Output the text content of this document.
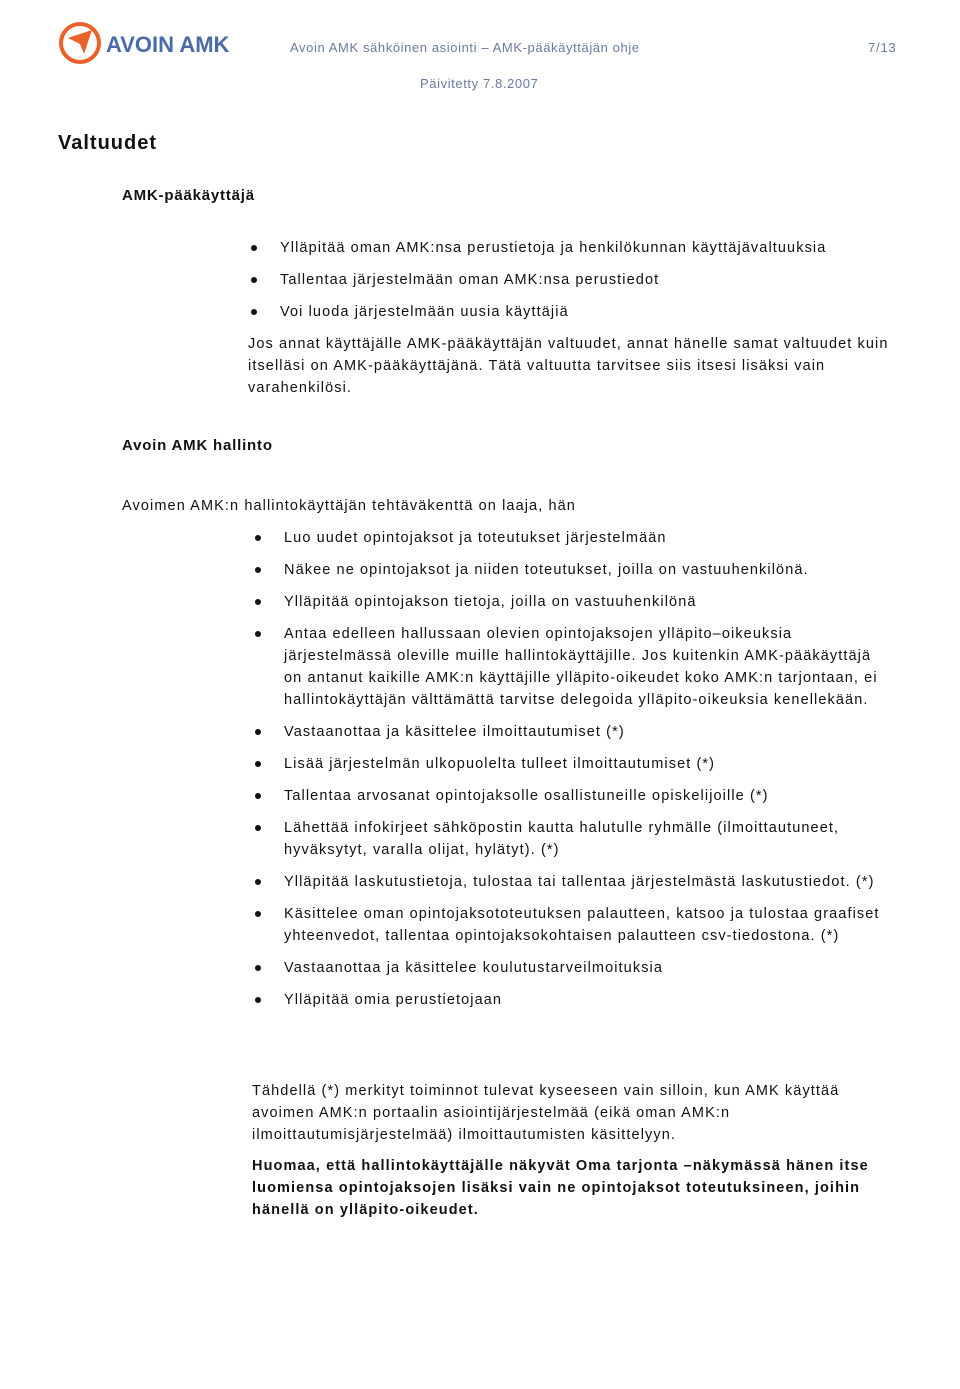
AVOIN AMK	Avoin AMK sähköinen asiointi – AMK-pääkäyttäjän ohje	7/13
Päivitetty 7.8.2007
Valtuudet
AMK-pääkäyttäjä
Ylläpitää oman AMK:nsa perustietoja ja henkilökunnan käyttäjävaltuuksia
Tallentaa järjestelmään oman AMK:nsa perustiedot
Voi luoda järjestelmään uusia käyttäjiä

Jos annat käyttäjälle AMK-pääkäyttäjän valtuudet, annat hänelle samat valtuudet kuin itselläsi on AMK-pääkäyttäjänä. Tätä valtuutta tarvitsee siis itsesi lisäksi vain varahenkilösi.

Avoin AMK hallinto

Avoimen AMK:n hallintokäyttäjän tehtäväkenttä on laaja, hän

Luo uudet opintojaksot ja toteutukset järjestelmään
Näkee ne opintojaksot ja niiden toteutukset, joilla on vastuuhenkilönä.
Ylläpitää opintojakson tietoja, joilla on vastuuhenkilönä
Antaa edelleen hallussaan olevien opintojaksojen ylläpito–oikeuksia järjestelmässä oleville muille hallintokäyttäjille. Jos kuitenkin AMK-pääkäyttäjä on antanut kaikille AMK:n käyttäjille ylläpito-oikeudet koko AMK:n tarjontaan, ei hallintokäyttäjän välttämättä tarvitse delegoida ylläpito-oikeuksia kenellekään.
Vastaanottaa ja käsittelee ilmoittautumiset (*)
Lisää järjestelmän ulkopuolelta tulleet ilmoittautumiset (*)
Tallentaa arvosanat opintojaksolle osallistuneille opiskelijoille (*)
Lähettää infokirjeet sähköpostin kautta halutulle ryhmälle (ilmoittautuneet, hyväksytyt, varalla olijat, hylätyt). (*)
Ylläpitää laskutustietoja, tulostaa tai tallentaa järjestelmästä laskutustiedot. (*)
Käsittelee oman opintojaksototeutuksen palautteen, katsoo ja tulostaa graafiset yhteenvedot, tallentaa opintojaksokohtaisen palautteen csv-tiedostona. (*)
Vastaanottaa ja käsittelee koulutustarveilmoituksia
Ylläpitää omia perustietojaan

Tähdellä (*) merkityt toiminnot tulevat kyseeseen vain silloin, kun AMK käyttää avoimen AMK:n portaalin asiointijärjestelmää (eikä oman AMK:n ilmoittautumisjärjestelmää) ilmoittautumisten käsittelyyn.

Huomaa, että hallintokäyttäjälle näkyvät Oma tarjonta –näkymässä hänen itse luomiensa opintojaksojen lisäksi vain ne opintojaksot toteutuksineen, joihin hänellä on ylläpito-oikeudet.
